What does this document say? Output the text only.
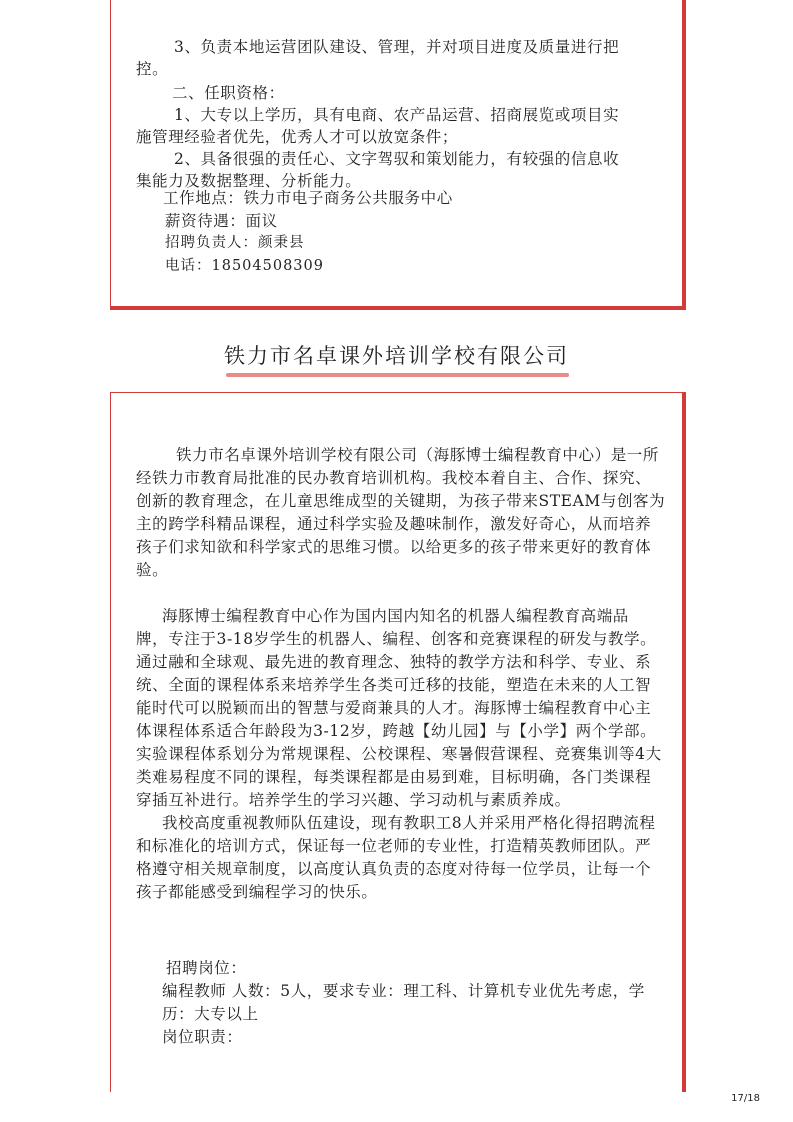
3、负责本地运营团队建设、管理，并对项目进度及质量进行把
控。
二、任职资格：
1、大专以上学历，具有电商、农产品运营、招商展览或项目实
施管理经验者优先，优秀人才可以放宽条件；
2、具备很强的责任心、文字驾驭和策划能力，有较强的信息收
集能力及数据整理、分析能力。
工作地点：铁力市电子商务公共服务中心
薪资待遇：面议
招聘负责人：颜秉县
电话：18504508309
铁力市名卓课外培训学校有限公司
铁力市名卓课外培训学校有限公司（海豚博士编程教育中心）是一所
经铁力市教育局批准的民办教育培训机构。我校本着自主、合作、探究、
创新的教育理念，在儿童思维成型的关键期，为孩子带来STEAM与创客为
主的跨学科精品课程，通过科学实验及趣味制作，激发好奇心，从而培养
孩子们求知欲和科学家式的思维习惯。以给更多的孩子带来更好的教育体
验。
海豚博士编程教育中心作为国内国内知名的机器人编程教育高端品
牌，专注于3-18岁学生的机器人、编程、创客和竞赛课程的研发与教学。
通过融和全球观、最先进的教育理念、独特的教学方法和科学、专业、系
统、全面的课程体系来培养学生各类可迁移的技能，塑造在未来的人工智
能时代可以脱颖而出的智慧与爱商兼具的人才。海豚博士编程教育中心主
体课程体系适合年龄段为3-12岁，跨越【幼儿园】与【小学】两个学部。
实验课程体系划分为常规课程、公校课程、寒暑假营课程、竞赛集训等4大
类难易程度不同的课程，每类课程都是由易到难，目标明确，各门类课程
穿插互补进行。培养学生的学习兴趣、学习动机与素质养成。
我校高度重视教师队伍建设，现有教职工8人并采用严格化得招聘流程
和标准化的培训方式，保证每一位老师的专业性，打造精英教师团队。严
格遵守相关规章制度，以高度认真负责的态度对待每一位学员，让每一个
孩子都能感受到编程学习的快乐。
招聘岗位：
编程教师 人数：5人，要求专业：理工科、计算机专业优先考虑，学
历：大专以上
岗位职责：
17/18
